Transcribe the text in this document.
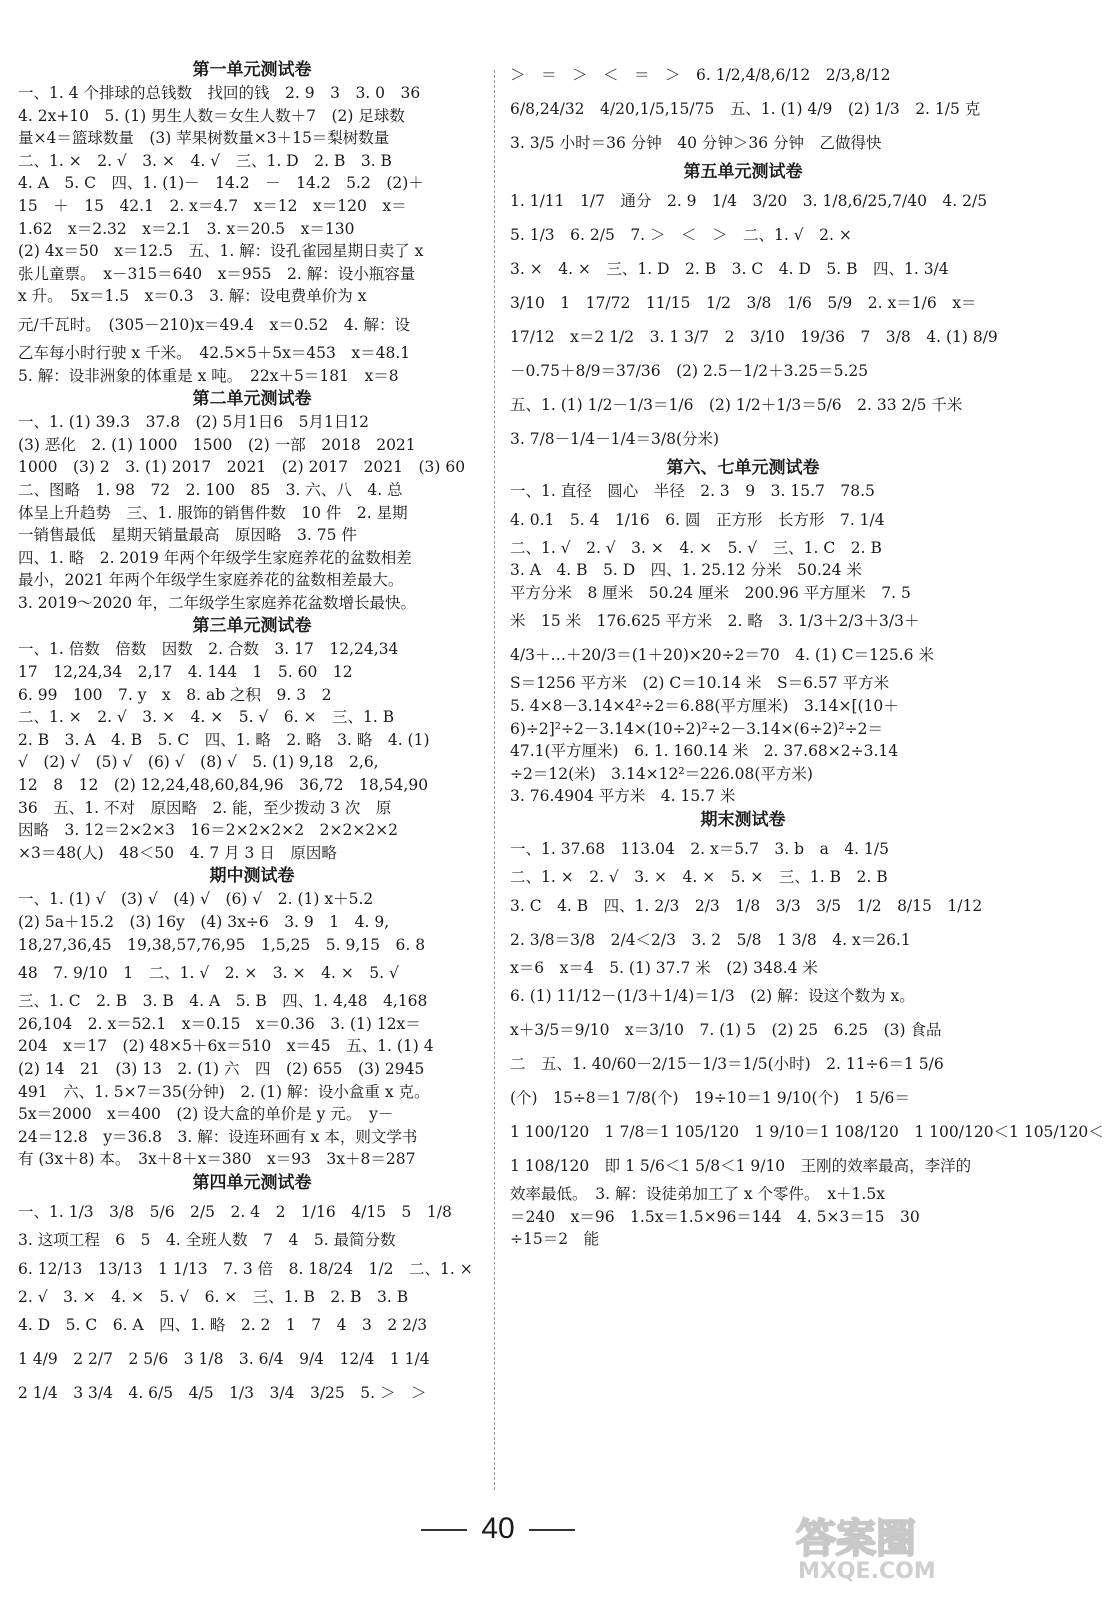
第一单元测试卷
一、1. 4 个排球的总钱数　找回的钱　2. 9　3　3. 0　36
4. 2x+10　5. (1) 男生人数＝女生人数＋7　(2) 足球数
量×4＝篮球数量　(3) 苹果树数量×3＋15＝梨树数量
二、1. ×　2. √　3. ×　4. √　三、1. D　2. B　3. B
4. A　5. C　四、1. (1)－　14.2　－　14.2　5.2　(2)＋
15　＋　15　42.1　2. x＝4.7　x＝12　x＝120　x＝
1.62　x＝2.32　x＝2.1　3. x＝20.5　x＝130
(2) 4x＝50　x＝12.5　五、1. 解：设孔雀园星期日卖了 x
张儿童票。　x－315＝640　x＝955　2. 解：设小瓶容量
x 升。　5x＝1.5　x＝0.3　3. 解：设电费单价为 x
元/千瓦时。　(305－210)x＝49.4　x＝0.52　4. 解：设
乙车每小时行驶 x 千米。　42.5×5＋5x＝453　x＝48.1
5. 解：设非洲象的体重是 x 吨。　22x＋5＝181　x＝8
第二单元测试卷
一、1. (1) 39.3　37.8　(2) 5月1日6　5月1日12
(3) 恶化　2. (1) 1000　1500　(2) 一部　2018　2021
1000　(3) 2　3. (1) 2017　2021　(2) 2017　2021　(3) 60
二、图略　1. 98　72　2. 100　85　3. 六、八　4. 总
体呈上升趋势　三、1. 服饰的销售件数　10 件　2. 星期
一销售最低　星期天销量最高　原因略　3. 75 件
四、1. 略　2. 2019 年两个年级学生家庭养花的盆数相差
最小，2021 年两个年级学生家庭养花的盆数相差最大。
3. 2019～2020 年，二年级学生家庭养花盆数增长最快。
第三单元测试卷
一、1. 倍数　倍数　因数　2. 合数　3. 17　12,24,34
17　12,24,34　2,17　4. 144　1　5. 60　12
6. 99　100　7. y　x　8. ab 之积　9. 3　2
二、1. ×　2. √　3. ×　4. ×　5. √　6. ×　三、1. B
2. B　3. A　4. B　5. C　四、1. 略　2. 略　3. 略　4. (1)
√　(2) √　(5) √　(6) √　(8) √　5. (1) 9,18　2,6,
12　8　12　(2) 12,24,48,60,84,96　36,72　18,54,90
36　五、1. 不对　原因略　2. 能，至少拨动 3 次　原
因略　3. 12＝2×2×3　16＝2×2×2×2　2×2×2×2
×3＝48(人)　48＜50　4. 7 月 3 日　原因略
期中测试卷
一、1. (1) √　(3) √　(4) √　(6) √　2. (1) x＋5.2
(2) 5a＋15.2　(3) 16y　(4) 3x÷6　3. 9　1　4. 9,
18,27,36,45　19,38,57,76,95　1,5,25　5. 9,15　6. 8
48　7. 9/10　1　二、1. √　2. ×　3. ×　4. ×　5. √
三、1. C　2. B　3. B　4. A　5. B　四、1. 4,48　4,168
26,104　2. x＝52.1　x＝0.15　x＝0.36　3. (1) 12x＝
204　x＝17　(2) 48×5＋6x＝510　x＝45　五、1. (1) 4
(2) 14　21　(3) 13　2. (1) 六　四　(2) 655　(3) 2945
491　六、1. 5×7＝35(分钟)　2. (1) 解：设小盒重 x 克。
5x＝2000　x＝400　(2) 设大盒的单价是 y 元。　y－
24＝12.8　y＝36.8　3. 解：设连环画有 x 本，则文学书
有 (3x＋8) 本。　3x＋8＋x＝380　x＝93　3x＋8＝287
第四单元测试卷
一、1. 1/3　3/8　5/6　2/5　2. 4　2　1/16　4/15　5　1/8
3. 这项工程　6　5　4. 全班人数　7　4　5. 最简分数
6. 12/13　13/13　1 1/13　7. 3 倍　8. 18/24　1/2　二、1. ×
2. √　3. ×　4. ×　5. √　6. ×　三、1. B　2. B　3. B
4. D　5. C　6. A　四、1. 略　2. 2　1　7　4　3　2 2/3
1 4/9　2 2/7　2 5/6　3 1/8　3. 6/4　9/4　12/4　1 1/4
2 1/4　3 3/4　4. 6/5　4/5　1/3　3/4　3/25　5. ＞　＞
＞　＝　＞　＜　＝　＞　6. 1/2,4/8,6/12　2/3,8/12
6/8,24/32　4/20,1/5,15/75　五、1. (1) 4/9　(2) 1/3　2. 1/5 克
3. 3/5 小时＝36 分钟　40 分钟＞36 分钟　乙做得快
第五单元测试卷
1. 1/11　1/7　通分　2. 9　1/4　3/20　3. 1/8,6/25,7/40　4. 2/5
5. 1/3　6. 2/5　7. ＞　＜　＞　二、1. √　2. ×
3. ×　4. ×　三、1. D　2. B　3. C　4. D　5. B　四、1. 3/4
3/10　1　17/72　11/15　1/2　3/8　1/6　5/9　2. x＝1/6　x＝
17/12　x＝2 1/2　3. 1 3/7　2　3/10　19/36　7　3/8　4. (1) 8/9
－0.75＋8/9＝37/36　(2) 2.5－1/2＋3.25＝5.25
五、1. (1) 1/2－1/3＝1/6　(2) 1/2＋1/3＝5/6　2. 33 2/5 千米
3. 7/8－1/4－1/4＝3/8(分米)
第六、七单元测试卷
一、1. 直径　圆心　半径　2. 3　9　3. 15.7　78.5
4. 0.1　5. 4　1/16　6. 圆　正方形　长方形　7. 1/4
二、1. √　2. √　3. ×　4. ×　5. √　三、1. C　2. B
3. A　4. B　5. D　四、1. 25.12 分米　50.24 米
平方分米　8 厘米　50.24 厘米　200.96 平方厘米　7. 5
米　15 米　176.625 平方米　2. 略　3. 1/3＋2/3＋3/3＋
4/3＋…＋20/3＝(1＋20)×20÷2＝70　4. (1) C＝125.6 米
S＝1256 平方米　(2) C＝10.14 米　S＝6.57 平方米
5. 4×8－3.14×4²÷2＝6.88(平方厘米)　3.14×[(10＋
6)÷2]²÷2－3.14×(10÷2)²÷2－3.14×(6÷2)²÷2＝
47.1(平方厘米)　6. 1. 160.14 米　2. 37.68×2÷3.14
÷2＝12(米)　3.14×12²＝226.08(平方米)
3. 76.4904 平方米　4. 15.7 米
期末测试卷
一、1. 37.68　113.04　2. x＝5.7　3. b　a　4. 1/5
二、1. ×　2. √　3. ×　4. ×　5. ×　三、1. B　2. B
3. C　4. B　四、1. 2/3　2/3　1/8　3/3　3/5　1/2　8/15　1/12
2. 3/8＝3/8　2/4＜2/3　3. 2　5/8　1 3/8　4. x＝26.1
x＝6　x＝4　5. (1) 37.7 米　(2) 348.4 米
6. (1) 11/12－(1/3＋1/4)＝1/3　(2) 解：设这个数为 x。
x＋3/5＝9/10　x＝3/10　7. (1) 5　(2) 25　6.25　(3) 食品
二　五、1. 40/60－2/15－1/3＝1/5(小时)　2. 11÷6＝1 5/6
(个)　15÷8＝1 7/8(个)　19÷10＝1 9/10(个)　1 5/6＝
1 100/120　1 7/8＝1 105/120　1 9/10＝1 108/120　1 100/120＜1 105/120＜
1 108/120　即 1 5/6＜1 5/8＜1 9/10　王刚的效率最高，李洋的
效率最低。　3. 解：设徒弟加工了 x 个零件。　x＋1.5x
＝240　x＝96　1.5x＝1.5×96＝144　4. 5×3＝15　30
÷15＝2　能
40	答案圈
MXQE.COM
